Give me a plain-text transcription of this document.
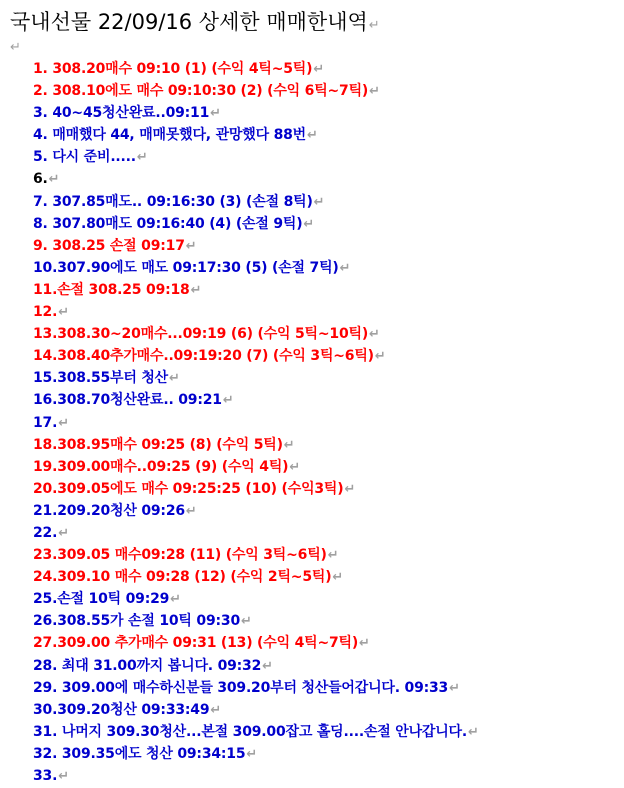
국내선물 22/09/16 상세한 매매한내역↵
↵
1. 308.20매수 09:10 (1) (수익 4틱~5틱)↵
2. 308.10에도 매수 09:10:30 (2) (수익 6틱~7틱)↵
3. 40~45청산완료..09:11↵
4. 매매했다 44, 매매못했다, 관망했다 88번↵
5. 다시 준비.....↵
6.↵
7. 307.85매도.. 09:16:30 (3) (손절 8틱)↵
8. 307.80매도 09:16:40 (4) (손절 9틱)↵
9. 308.25 손절 09:17↵
10.307.90에도 매도 09:17:30 (5) (손절 7틱)↵
11.손절 308.25 09:18↵
12.↵
13.308.30~20매수...09:19 (6) (수익 5틱~10틱)↵
14.308.40추가매수..09:19:20 (7) (수익 3틱~6틱)↵
15.308.55부터 청산↵
16.308.70청산완료.. 09:21↵
17.↵
18.308.95매수 09:25 (8) (수익 5틱)↵
19.309.00매수..09:25 (9) (수익 4틱)↵
20.309.05에도 매수 09:25:25 (10) (수익3틱)↵
21.209.20청산 09:26↵
22.↵
23.309.05 매수09:28 (11) (수익 3틱~6틱)↵
24.309.10 매수 09:28 (12) (수익 2틱~5틱)↵
25.손절 10틱 09:29↵
26.308.55가 손절 10틱 09:30↵
27.309.00 추가매수 09:31 (13) (수익 4틱~7틱)↵
28. 최대 31.00까지 봅니다. 09:32↵
29. 309.00에 매수하신분들 309.20부터 청산들어갑니다. 09:33↵
30.309.20청산 09:33:49↵
31. 나머지 309.30청산...본절 309.00잡고 홀딩....손절 안나갑니다.↵
32. 309.35에도 청산 09:34:15↵
33.↵
